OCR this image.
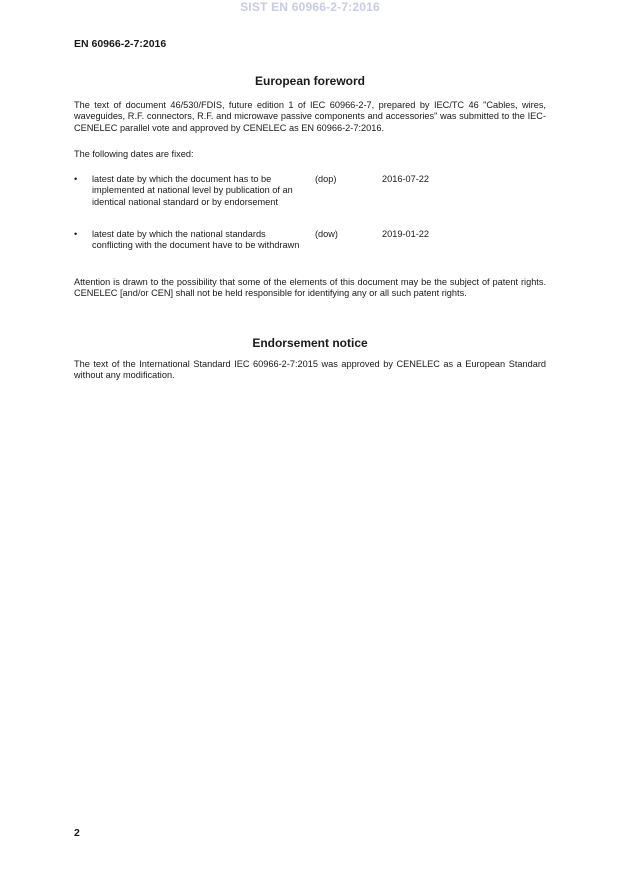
SIST EN 60966-2-7:2016
EN 60966-2-7:2016
European foreword
The text of document 46/530/FDIS, future edition 1 of IEC 60966-2-7, prepared by IEC/TC 46 "Cables, wires, waveguides, R.F. connectors, R.F. and microwave passive components and accessories" was submitted to the IEC-CENELEC parallel vote and approved by CENELEC as EN 60966-2-7:2016.
The following dates are fixed:
• latest date by which the document has to be implemented at national level by publication of an identical national standard or by endorsement
(dop)	2016-07-22
• latest date by which the national standards conflicting with the document have to be withdrawn
(dow)	2019-01-22
Attention is drawn to the possibility that some of the elements of this document may be the subject of patent rights. CENELEC [and/or CEN] shall not be held responsible for identifying any or all such patent rights.
Endorsement notice
The text of the International Standard IEC 60966-2-7:2015 was approved by CENELEC as a European Standard without any modification.
2
